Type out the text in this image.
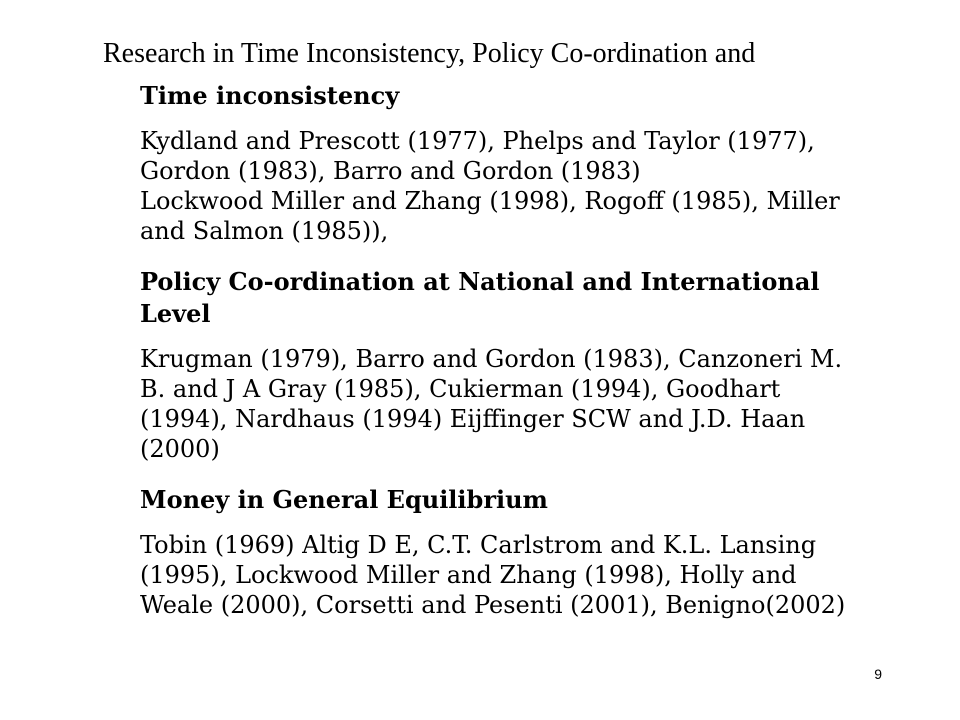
Research in Time Inconsistency, Policy Co-ordination and
Time inconsistency
Kydland and Prescott (1977), Phelps and Taylor (1977),
Gordon (1983), Barro and Gordon (1983)
Lockwood Miller and Zhang (1998), Rogoff (1985), Miller
and Salmon (1985)),
Policy Co-ordination at National and International
Level
Krugman (1979), Barro and Gordon (1983), Canzoneri M.
B. and J A Gray (1985), Cukierman (1994), Goodhart
(1994), Nardhaus (1994) Eijffinger SCW and J.D. Haan
(2000)
Money in General Equilibrium
Tobin (1969) Altig D E, C.T. Carlstrom and K.L. Lansing
(1995), Lockwood Miller and Zhang (1998), Holly and
Weale (2000), Corsetti and Pesenti (2001), Benigno(2002)
9
